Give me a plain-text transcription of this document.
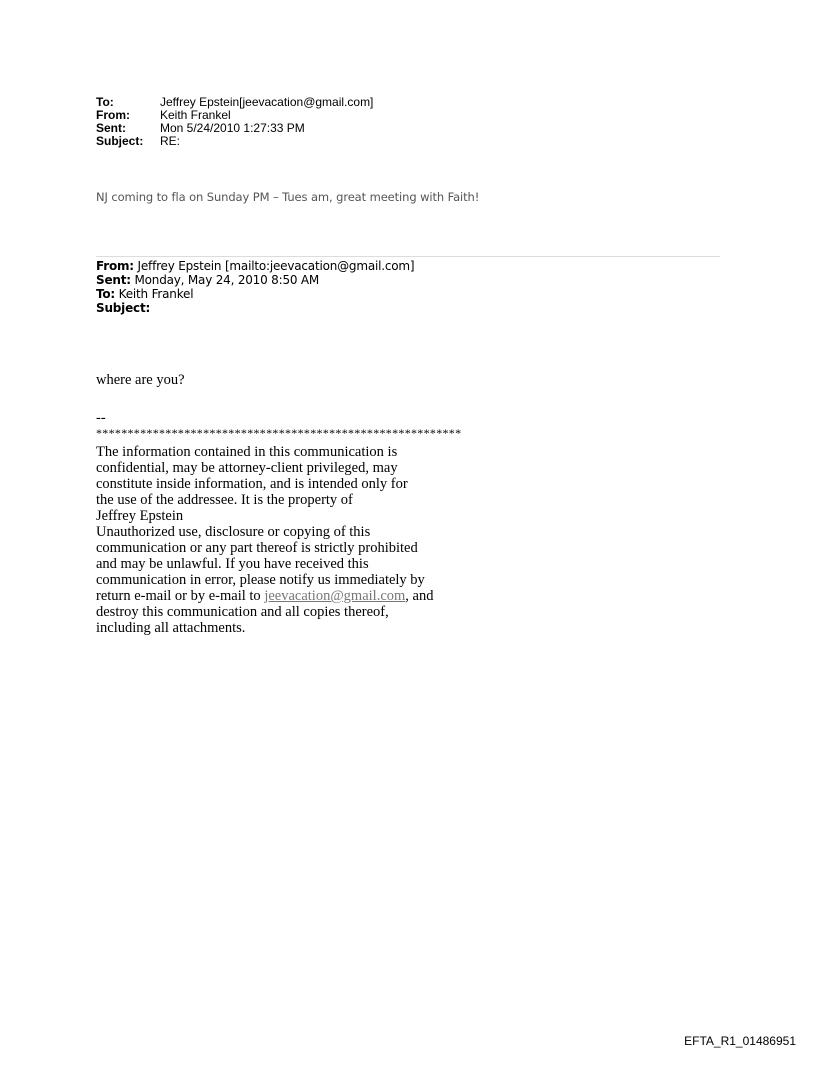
To:	Jeffrey Epstein[jeevacation@gmail.com]
From:	Keith Frankel
Sent:	Mon 5/24/2010 1:27:33 PM
Subject:	RE:
NJ coming to fla on Sunday PM – Tues am, great meeting with Faith!
From: Jeffrey Epstein [mailto:jeevacation@gmail.com]
Sent: Monday, May 24, 2010 8:50 AM
To: Keith Frankel
Subject:
where are you?
--
**********************************************************
The information contained in this communication is
confidential, may be attorney-client privileged, may
constitute inside information, and is intended only for
the use of the addressee. It is the property of
Jeffrey Epstein
Unauthorized use, disclosure or copying of this
communication or any part thereof is strictly prohibited
and may be unlawful. If you have received this
communication in error, please notify us immediately by
return e-mail or by e-mail to jeevacation@gmail.com, and
destroy this communication and all copies thereof,
including all attachments.
EFTA_R1_01486951
